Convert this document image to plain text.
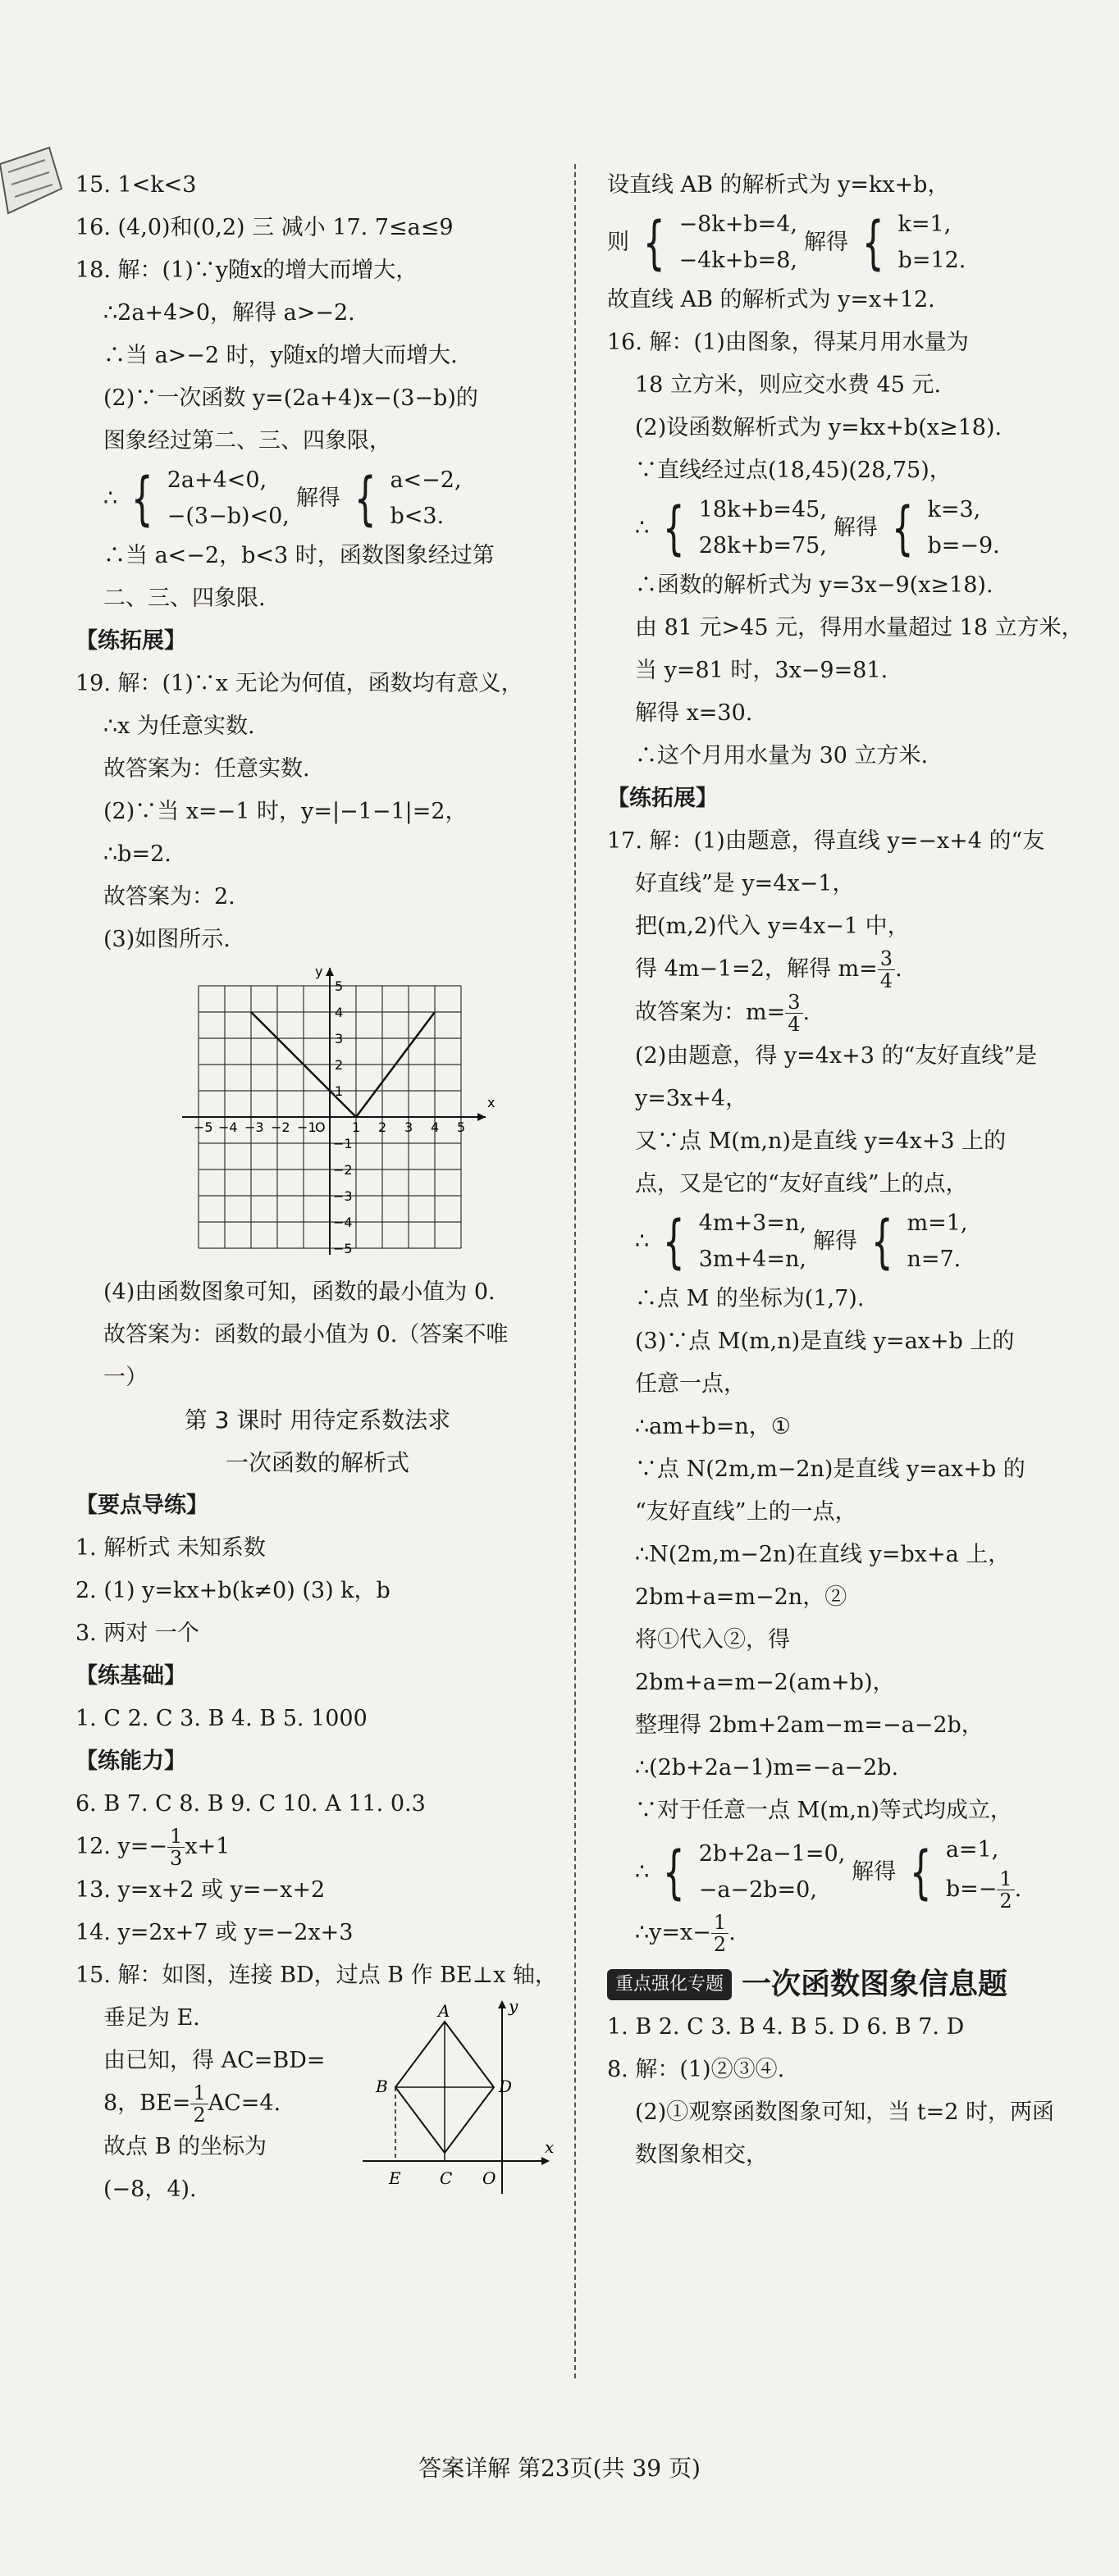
15. 1<k<3
16. (4,0)和(0,2) 三 减小 17. 7≤a≤9
18. 解：(1)∵y随x的增大而增大，
∴2a+4>0，解得 a>−2.
∴当 a>−2 时，y随x的增大而增大.
(2)∵一次函数 y=(2a+4)x−(3−b)的
图象经过第二、三、四象限，
∴ { 2a+4<0,
−(3−b)<0,
解得 { a<−2,
b<3.
∴当 a<−2，b<3 时，函数图象经过第
二、三、四象限.
【练拓展】
19. 解：(1)∵x 无论为何值，函数均有意义，
∴x 为任意实数.
故答案为：任意实数.
(2)∵当 x=−1 时，y=|−1−1|=2，
∴b=2.
故答案为：2.
(3)如图所示.
y
x
O
−5 −4 −3 −2 −1	1 2 3 4 5
5
4
3
2
1
−1
−2
−3
−4
−5
(4)由函数图象可知，函数的最小值为 0.
故答案为：函数的最小值为 0.（答案不唯
一）
第 3 课时 用待定系数法求
一次函数的解析式
【要点导练】
1. 解析式 未知系数
2. (1) y=kx+b(k≠0) (3) k，b
3. 两对 一个
【练基础】
1. C 2. C 3. B 4. B 5. 1000
【练能力】
6. B 7. C 8. B 9. C 10. A 11. 0.3
12. $y=- \frac{1}{3} x+1$
13. y=x+2 或 y=−x+2
14. y=2x+7 或 y=−2x+3
15. 解：如图，连接 BD，过点 B 作 BE⊥x 轴，
垂足为 E.
由已知，得 AC=BD=
8，$BE= \frac{1}{2} AC=4$.
故点 B 的坐标为
(−8，4).
A
B
C
D
E	O
x
y
设直线 AB 的解析式为 y=kx+b，
则 { −8k+b=4,
−4k+b=8,
解得 { k=1,
b=12.
故直线 AB 的解析式为 y=x+12.
16. 解：(1)由图象，得某月用水量为
18 立方米，则应交水费 45 元.
(2)设函数解析式为 y=kx+b(x≥18).
∵直线经过点(18,45)(28,75)，
∴ { 18k+b=45,
28k+b=75,
解得 { k=3,
b=−9.
∴函数的解析式为 y=3x−9(x≥18).
由 81 元>45 元，得用水量超过 18 立方米，
当 y=81 时，3x−9=81.
解得 x=30.
∴这个月用水量为 30 立方米.
【练拓展】
17. 解：(1)由题意，得直线 y=−x+4 的“友
好直线”是 y=4x−1，
把(m,2)代入 y=4x−1 中，
得 4m−1=2，解得 $m= \frac{3}{4}$ .
故答案为：$m= \frac{3}{4}$ .
(2)由题意，得 y=4x+3 的“友好直线”是
y=3x+4，
又∵点 M(m,n)是直线 y=4x+3 上的
点，又是它的“友好直线”上的点，
∴ { 4m+3=n,
3m+4=n,
解得 { m=1,
n=7.
∴点 M 的坐标为(1,7).
(3)∵点 M(m,n)是直线 y=ax+b 上的
任意一点，
∴am+b=n，①
∵点 N(2m,m−2n)是直线 y=ax+b 的
“友好直线”上的一点，
∴N(2m,m−2n)在直线 y=bx+a 上，
2bm+a=m−2n，②
将①代入②，得
2bm+a=m−2(am+b)，
整理得 2bm+2am−m=−a−2b，
∴(2b+2a−1)m=−a−2b.
∵对于任意一点 M(m,n)等式均成立，
∴ { 2b+2a−1=0,
−a−2b=0,
解得 { a=1,
$b=- \frac{1}{2}$ .
∴y=x− $\frac{1}{2}$ .
重点强化专题 一次函数图象信息题
1. B 2. C 3. B 4. B 5. D 6. B 7. D
8. 解：(1)②③④.
(2)①观察函数图象可知，当 t=2 时，两函
数图象相交，
答案详解 第23页(共 39 页)
